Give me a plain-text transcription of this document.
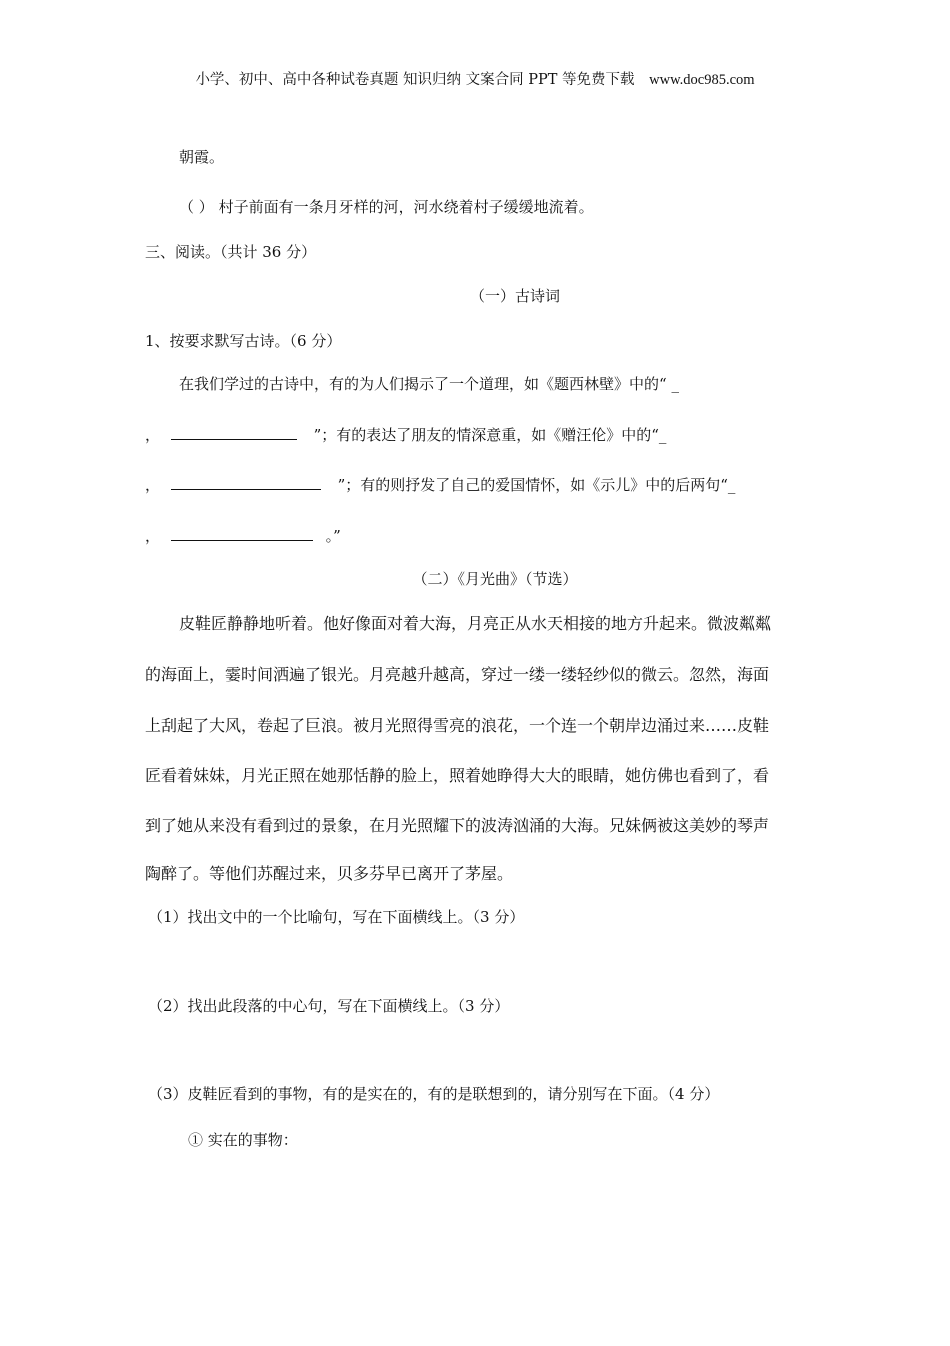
小学、初中、高中各种试卷真题 知识归纳 文案合同 PPT 等免费下载 www.doc985.com
朝霞。
（ ） 村子前面有一条月牙样的河，河水绕着村子缓缓地流着。
三、阅读。（共计 36 分）
（一）古诗词
1、按要求默写古诗。（6 分）
在我们学过的古诗中，有的为人们揭示了一个道理，如《题西林壁》中的“ _
，	”；有的表达了朋友的情深意重，如《赠汪伦》中的“_
，	”；有的则抒发了自己的爱国情怀，如《示儿》中的后两句“_
，	。”
（二）《月光曲》（节选）
皮鞋匠静静地听着。他好像面对着大海，月亮正从水天相接的地方升起来。微波粼粼
的海面上，霎时间洒遍了银光。月亮越升越高，穿过一缕一缕轻纱似的微云。忽然，海面
上刮起了大风，卷起了巨浪。被月光照得雪亮的浪花，一个连一个朝岸边涌过来……皮鞋
匠看着妹妹，月光正照在她那恬静的脸上，照着她睁得大大的眼睛，她仿佛也看到了，看
到了她从来没有看到过的景象，在月光照耀下的波涛汹涌的大海。兄妹俩被这美妙的琴声
陶醉了。等他们苏醒过来，贝多芬早已离开了茅屋。
（1）找出文中的一个比喻句，写在下面横线上。（3 分）
（2）找出此段落的中心句，写在下面横线上。（3 分）
（3）皮鞋匠看到的事物，有的是实在的，有的是联想到的，请分别写在下面。（4 分）
① 实在的事物：
